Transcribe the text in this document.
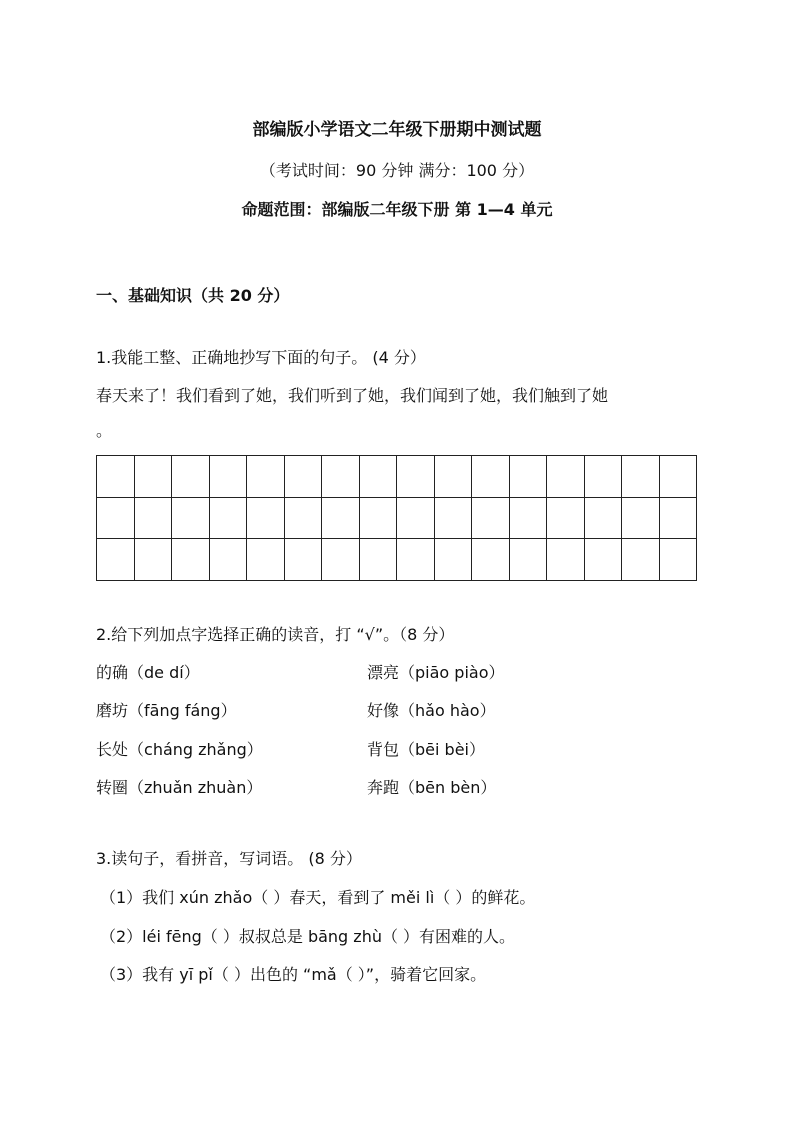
部编版小学语文二年级下册期中测试题
（考试时间：90 分钟 满分：100 分）
命题范围：部编版二年级下册 第 1—4 单元
一、基础知识（共 20 分）
1.我能工整、正确地抄写下面的句子。 (4 分）
春天来了！我们看到了她，我们听到了她，我们闻到了她，我们触到了她
。

2.给下列加点字选择正确的读音，打 “√”。（8 分）
的确（de dí）	漂亮（piāo piào）
磨坊（fāng fáng）	好像（hǎo hào）
长处（cháng zhǎng）	背包（bēi bèi）
转圈（zhuǎn zhuàn）	奔跑（bēn bèn）
3.读句子，看拼音，写词语。 (8 分）
（1）我们 xún zhǎo（ ）春天，看到了 měi lì（ ）的鲜花。
（2）léi fēng（ ）叔叔总是 bāng zhù（ ）有困难的人。
（3）我有 yī pǐ（ ）出色的 “mǎ（ ）”，骑着它回家。
